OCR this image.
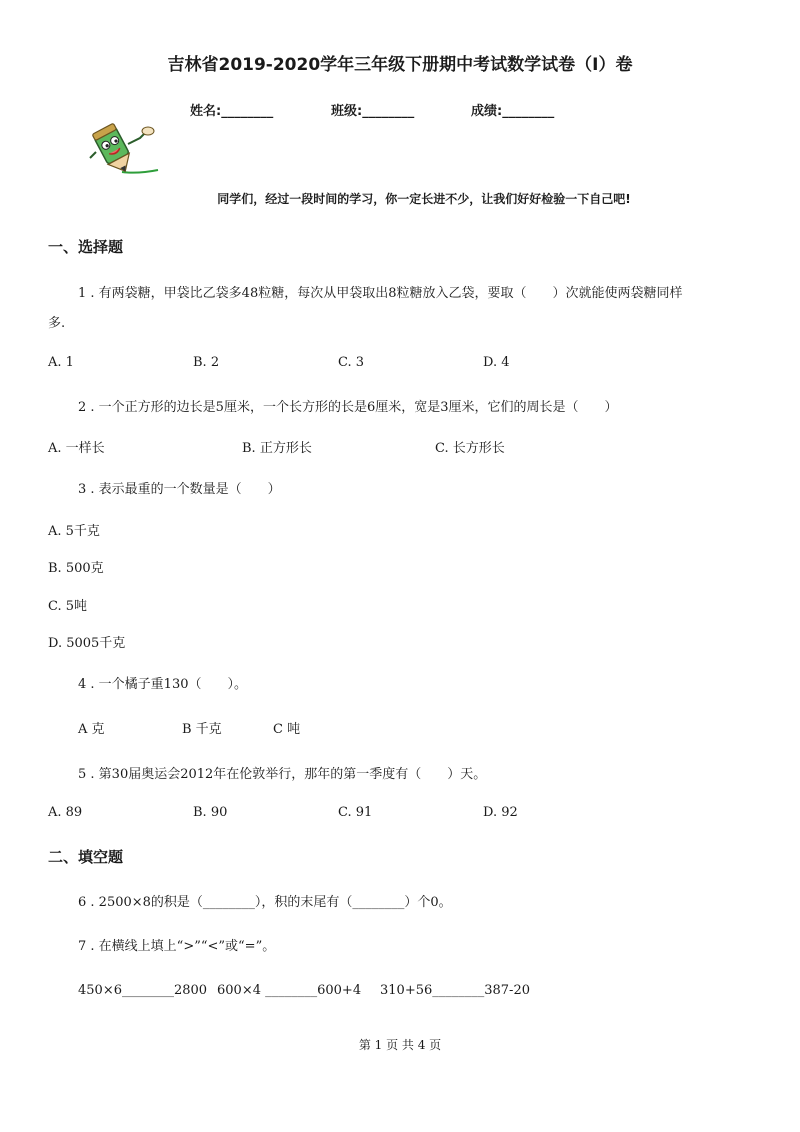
吉林省2019-2020学年三年级下册期中考试数学试卷（I）卷
姓名:________	班级:________	成绩:________
同学们，经过一段时间的学习，你一定长进不少，让我们好好检验一下自己吧!
一、选择题
1 . 有两袋糖，甲袋比乙袋多48粒糖，每次从甲袋取出8粒糖放入乙袋，要取（　　）次就能使两袋糖同样
多.
A. 1	B. 2	C. 3	D. 4
2 . 一个正方形的边长是5厘米，一个长方形的长是6厘米，宽是3厘米，它们的周长是（　　）
A. 一样长	B. 正方形长	C. 长方形长
3 . 表示最重的一个数量是（　　）
A. 5千克
B. 500克
C. 5吨
D. 5005千克
4 . 一个橘子重130（　　）。
A 克	B 千克	C 吨
5 . 第30届奥运会2012年在伦敦举行，那年的第一季度有（　　）天。
A. 89	B. 90	C. 91	D. 92
二、填空题
6 . 2500×8的积是（________），积的末尾有（________）个0。
7 . 在横线上填上“>”“<”或“=”。
450×6________2800 600×4 ________600+4 310+56________387-20
第 1 页 共 4 页
